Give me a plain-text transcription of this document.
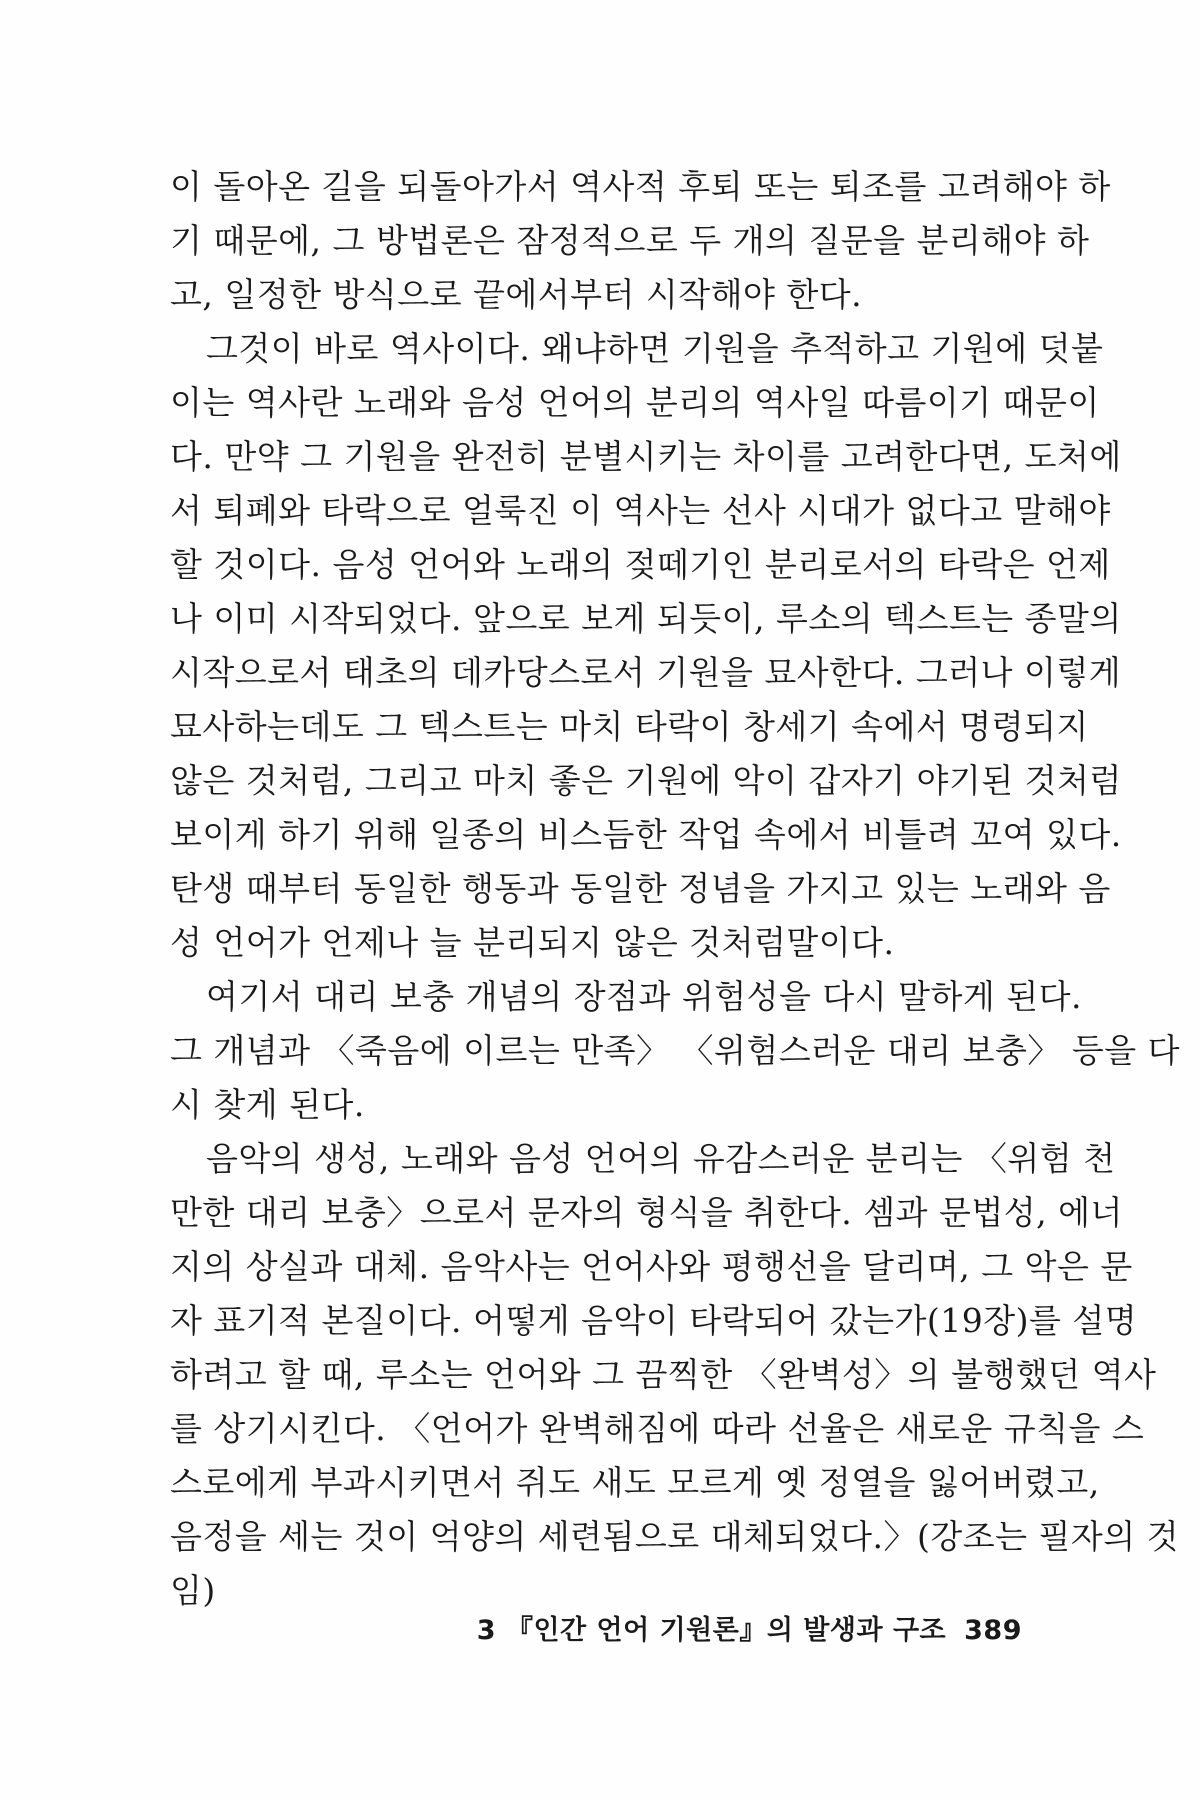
이 돌아온 길을 되돌아가서 역사적 후퇴 또는 퇴조를 고려해야 하
기 때문에, 그 방법론은 잠정적으로 두 개의 질문을 분리해야 하
고, 일정한 방식으로 끝에서부터 시작해야 한다.
그것이 바로 역사이다. 왜냐하면 기원을 추적하고 기원에 덧붙
이는 역사란 노래와 음성 언어의 분리의 역사일 따름이기 때문이
다. 만약 그 기원을 완전히 분별시키는 차이를 고려한다면, 도처에
서 퇴폐와 타락으로 얼룩진 이 역사는 선사 시대가 없다고 말해야
할 것이다. 음성 언어와 노래의 젖떼기인 분리로서의 타락은 언제
나 이미 시작되었다. 앞으로 보게 되듯이, 루소의 텍스트는 종말의
시작으로서 태초의 데카당스로서 기원을 묘사한다. 그러나 이렇게
묘사하는데도 그 텍스트는 마치 타락이 창세기 속에서 명령되지
않은 것처럼, 그리고 마치 좋은 기원에 악이 갑자기 야기된 것처럼
보이게 하기 위해 일종의 비스듬한 작업 속에서 비틀려 꼬여 있다.
탄생 때부터 동일한 행동과 동일한 정념을 가지고 있는 노래와 음
성 언어가 언제나 늘 분리되지 않은 것처럼말이다.
여기서 대리 보충 개념의 장점과 위험성을 다시 말하게 된다.
그 개념과 〈죽음에 이르는 만족〉 〈위험스러운 대리 보충〉 등을 다
시 찾게 된다.
음악의 생성, 노래와 음성 언어의 유감스러운 분리는 〈위험 천
만한 대리 보충〉으로서 문자의 형식을 취한다. 셈과 문법성, 에너
지의 상실과 대체. 음악사는 언어사와 평행선을 달리며, 그 악은 문
자 표기적 본질이다. 어떻게 음악이 타락되어 갔는가(19장)를 설명
하려고 할 때, 루소는 언어와 그 끔찍한 〈완벽성〉의 불행했던 역사
를 상기시킨다. 〈언어가 완벽해짐에 따라 선율은 새로운 규칙을 스
스로에게 부과시키면서 쥐도 새도 모르게 옛 정열을 잃어버렸고,
음정을 세는 것이 억양의 세련됨으로 대체되었다.〉(강조는 필자의 것
임)
3 『인간 언어 기원론』의 발생과 구조 389
